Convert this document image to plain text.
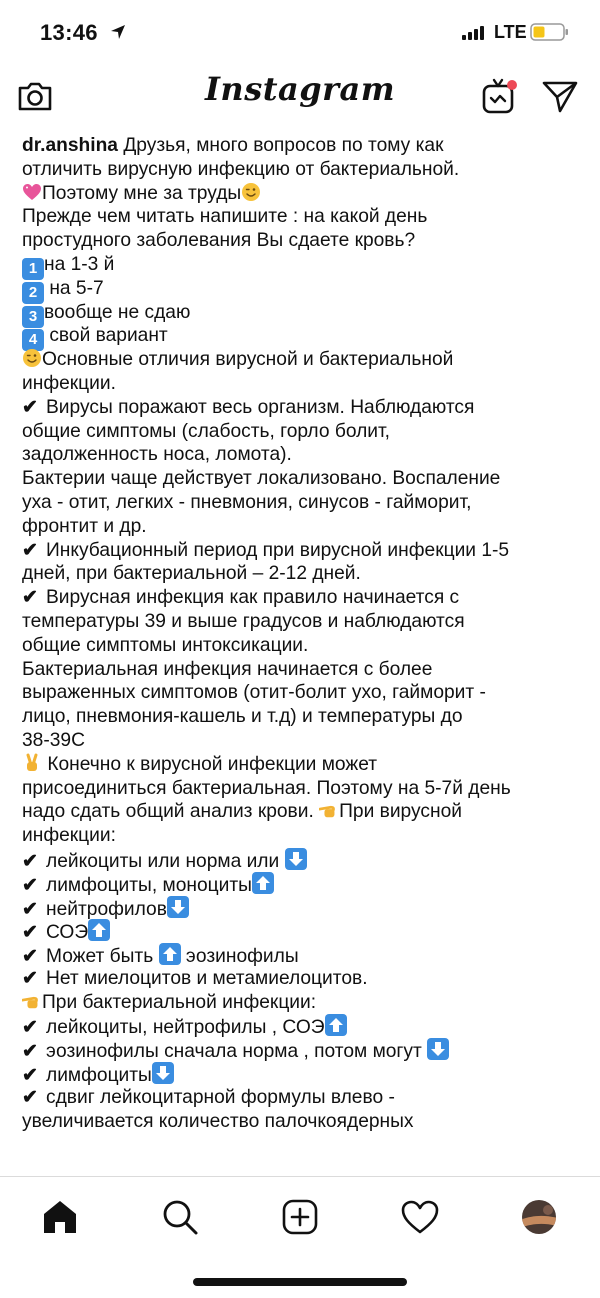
13:46	LTE
Instagram
dr.anshina Друзья, много вопросов по тому как
отличить вирусную инфекцию от бактериальной.
Поэтому мне за труды
Прежде чем читать напишите : на какой день
простудного заболевания Вы сдаете кровь?
1 на 1-3 й
2 на 5-7
3 вообще не сдаю
4 свой вариант
Основные отличия вирусной и бактериальной
инфекции.
✔ Вирусы поражают весь организм. Наблюдаются
общие симптомы (слабость, горло болит,
задолженность носа, ломота).
Бактерии чаще действует локализовано. Воспаление
уха - отит, легких - пневмония, синусов - гайморит,
фронтит и др.
✔ Инкубационный период при вирусной инфекции 1-5
дней, при бактериальной – 2-12 дней.
✔ Вирусная инфекция как правило начинается с
температуры 39 и выше градусов и наблюдаются
общие симптомы интоксикации.
Бактериальная инфекция начинается с более
выраженных симптомов (отит-болит ухо, гайморит -
лицо, пневмония-кашель и т.д) и температуры до
38-39С
Конечно к вирусной инфекции может
присоединиться бактериальная. Поэтому на 5-7й день
надо сдать общий анализ крови. При вирусной
инфекции:
✔ лейкоциты или норма или
✔ лимфоциты, моноциты
✔ нейтрофилов
✔ СОЭ
✔ Может быть  эозинофилы
✔ Нет миелоцитов и метамиелоцитов.
При бактериальной инфекции:
✔ лейкоциты, нейтрофилы , СОЭ
✔ эозинофилы сначала норма , потом могут
✔ лимфоциты
✔ сдвиг лейкоцитарной формулы влево -
увеличивается количество палочкоядерных
